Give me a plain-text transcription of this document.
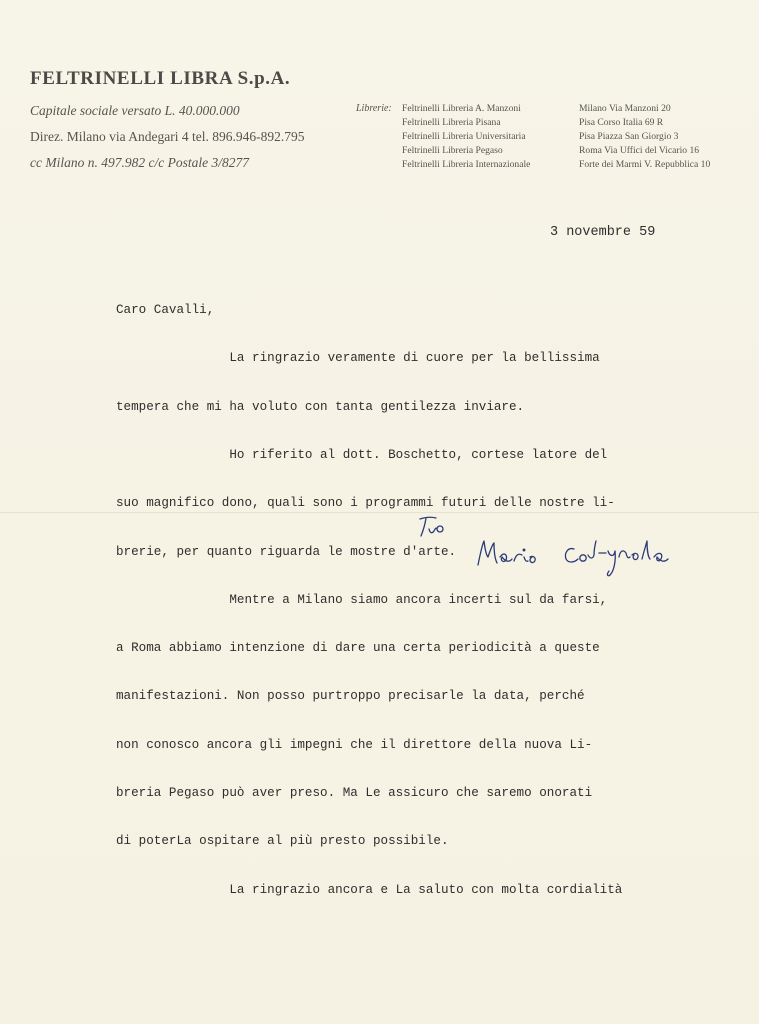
FELTRINELLI LIBRA S.p.A.
Capitale sociale versato L. 40.000.000
Direz. Milano via Andegari 4 tel. 896.946-892.795
cc Milano n. 497.982 c/c Postale 3/8277
Librerie: Feltrinelli Libreria A. Manzoni	Milano Via Manzoni 20
Feltrinelli Libreria Pisana	Pisa Corso Italia 69 R
Feltrinelli Libreria Universitaria	Pisa Piazza San Giorgio 3
Feltrinelli Libreria Pegaso	Roma Via Uffici del Vicario 16
Feltrinelli Libreria Internazionale	Forte dei Marmi V. Repubblica 10
3 novembre 59

Caro Cavalli,

La ringrazio veramente di cuore per la bellissima

tempera che mi ha voluto con tanta gentilezza inviare.

Ho riferito al dott. Boschetto, cortese latore del

suo magnifico dono, quali sono i programmi futuri delle nostre li-

brerie, per quanto riguarda le mostre d'arte.

Mentre a Milano siamo ancora incerti sul da farsi,

a Roma abbiamo intenzione di dare una certa periodicità a queste

manifestazioni. Non posso purtroppo precisarle la data, perché

non conosco ancora gli impegni che il direttore della nuova Li-

breria Pegaso può aver preso. Ma Le assicuro che saremo onorati

di poterLa ospitare al più presto possibile.

La ringrazio ancora e La saluto con molta cordialità
